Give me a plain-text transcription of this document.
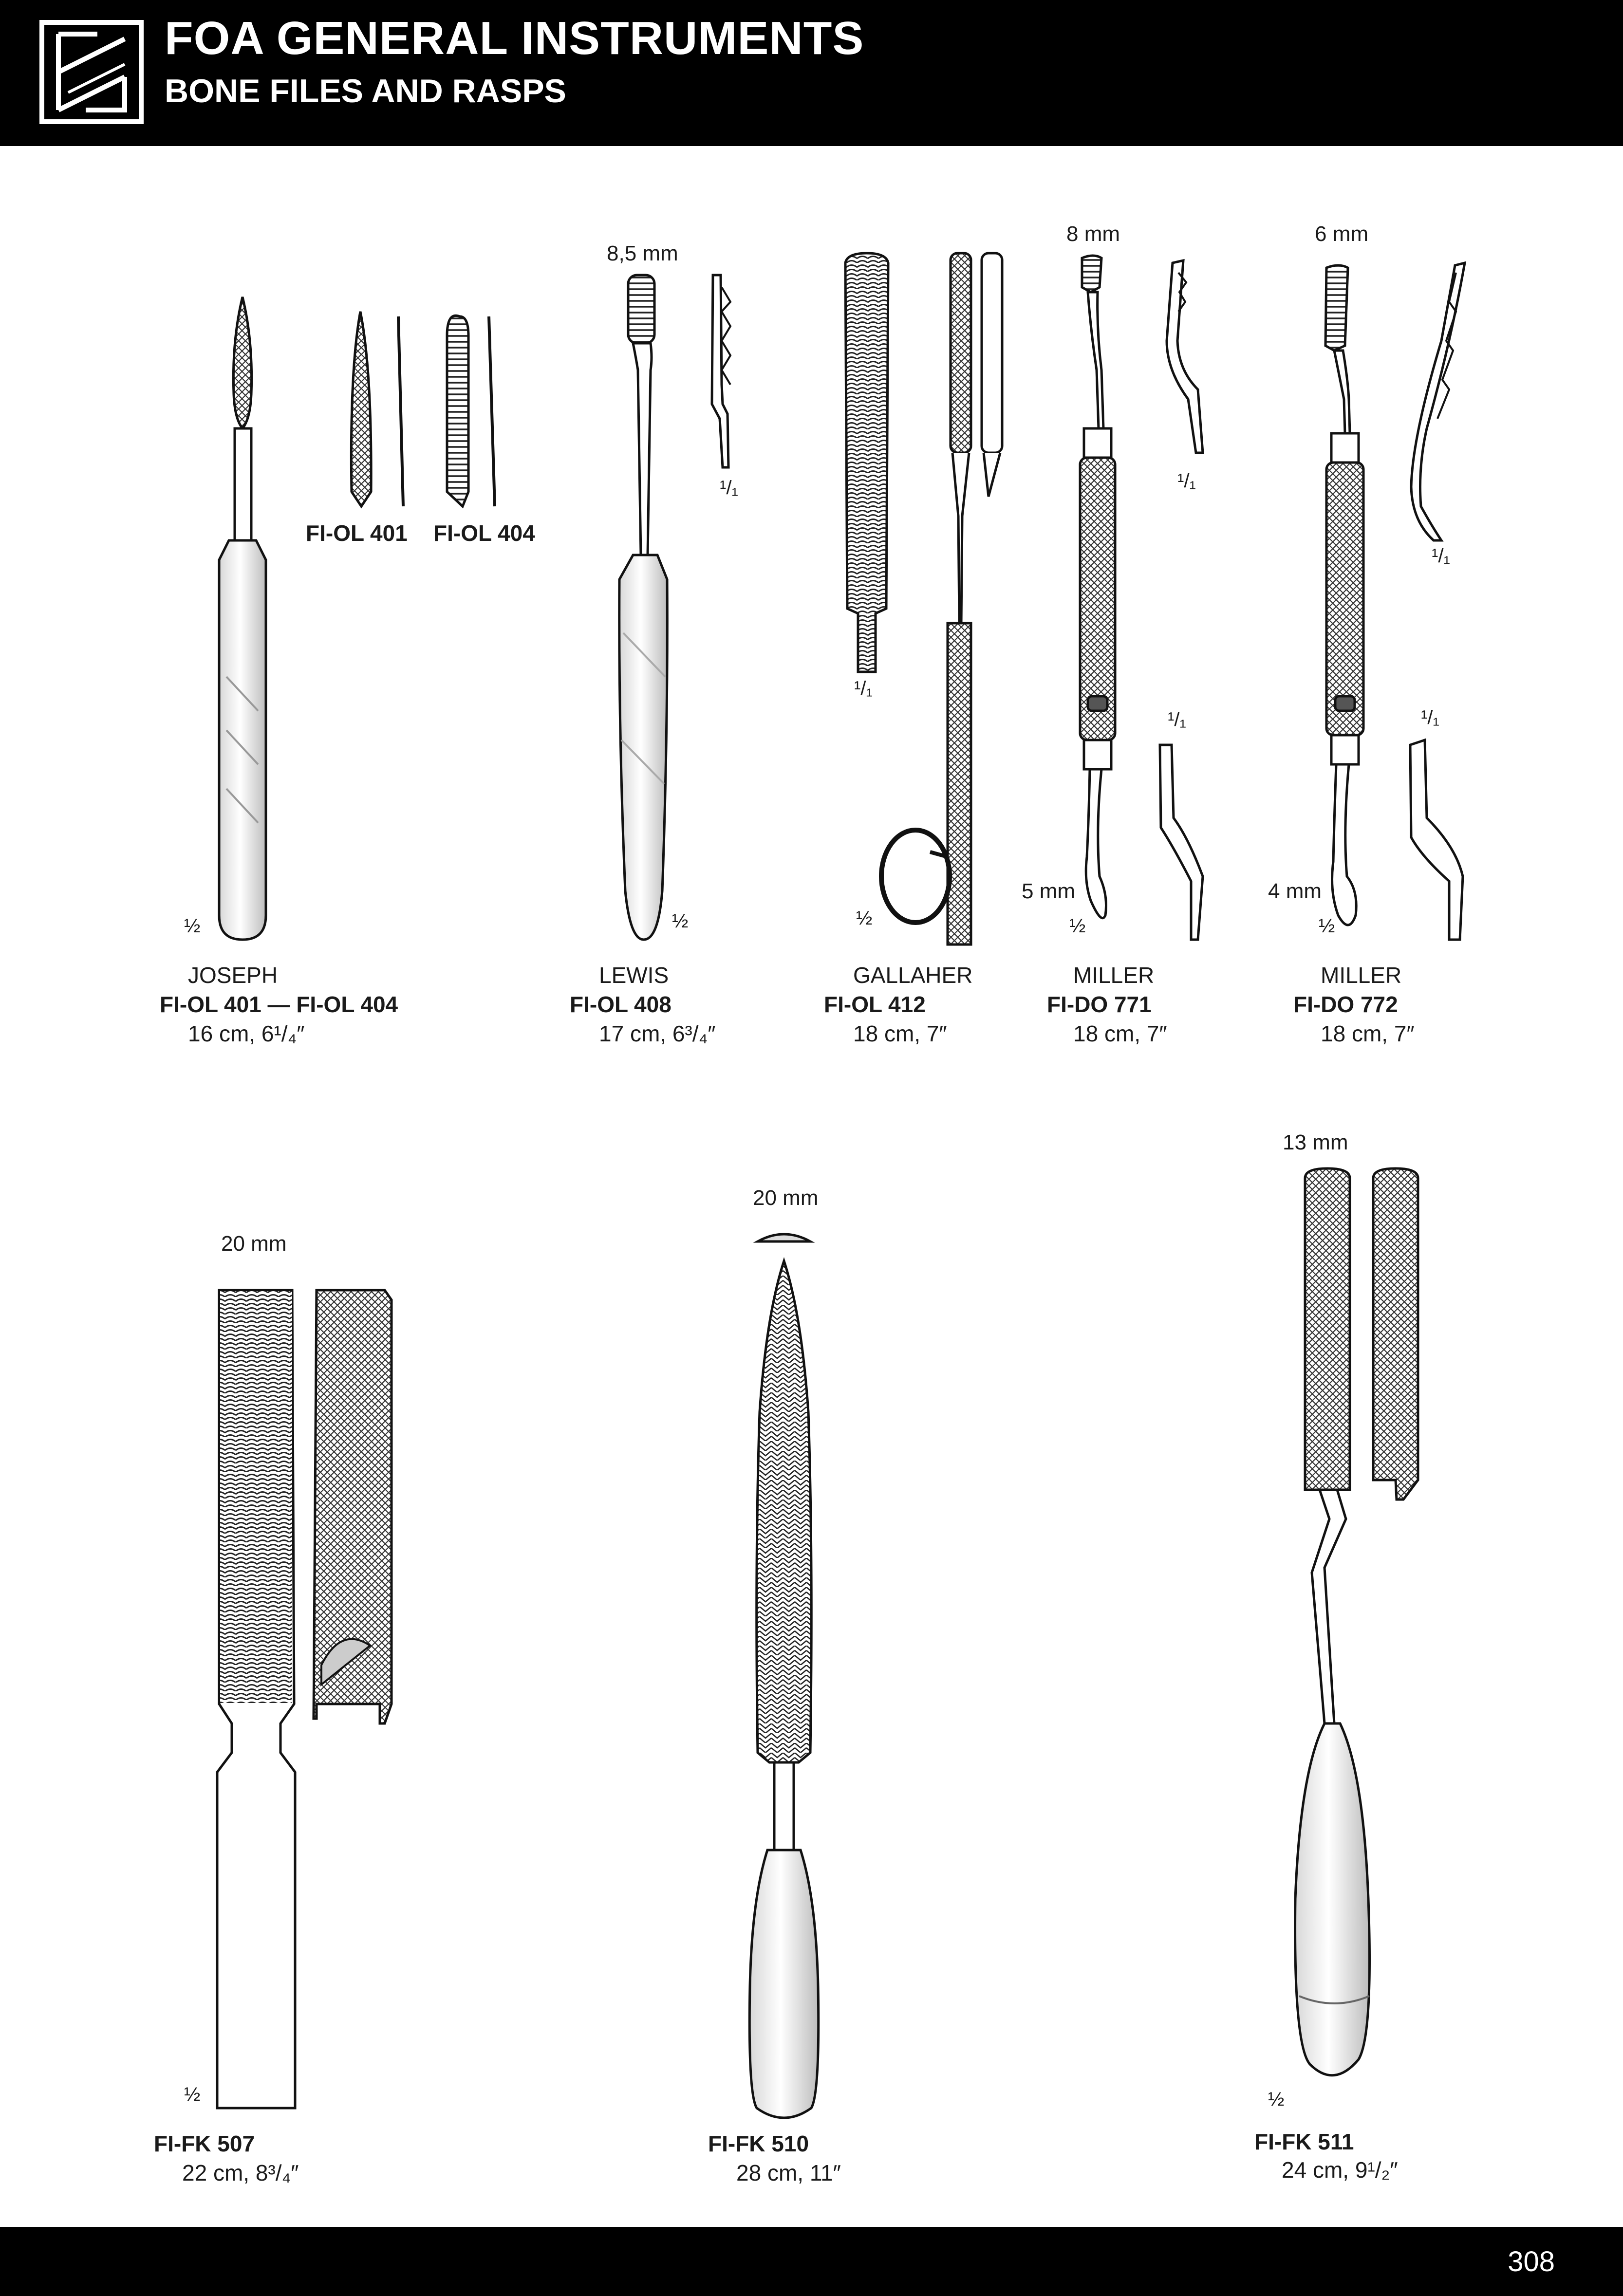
FOA GENERAL INSTRUMENTS
BONE FILES AND RASPS
½
FI-OL 401 FI-OL 404
8,5 mm
¹/₁
½
¹/₁
½
8 mm
¹/₁
¹/₁
5 mm
½
6 mm
¹/₁
¹/₁
4 mm
½
20 mm
½
20 mm
13 mm
½
JOSEPH
FI-OL 401 — FI-OL 404
16 cm, 6¹/₄″
LEWIS
FI-OL 408
17 cm, 6³/₄″
GALLAHER
FI-OL 412
18 cm, 7″
MILLER
FI-DO 771
18 cm, 7″
MILLER
FI-DO 772
18 cm, 7″
FI-FK 507
22 cm, 8³/₄″
FI-FK 510
28 cm, 11″
FI-FK 511
24 cm, 9¹/₂″
308
